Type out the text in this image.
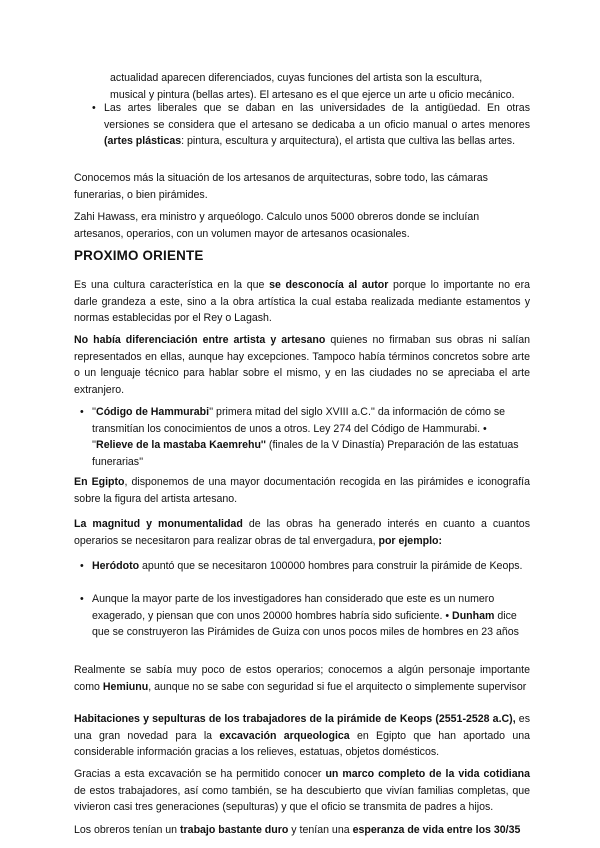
actualidad aparecen diferenciados, cuyas funciones del artista son la escultura,
musical y pintura (bellas artes). El artesano es el que ejerce un arte u oficio mecánico.

• Las artes liberales que se daban en las universidades de la antigüedad. En otras versiones se considera que el artesano se dedicaba a un oficio manual o artes menores (artes plásticas: pintura, escultura y arquitectura), el artista que cultiva las bellas artes.

Conocemos más la situación de los artesanos de arquitecturas, sobre todo, las cámaras funerarias, o bien pirámides.

Zahi Hawass, era ministro y arqueólogo. Calculo unos 5000 obreros donde se incluían artesanos, operarios, con un volumen mayor de artesanos ocasionales.

PROXIMO ORIENTE

Es una cultura característica en la que se desconocía al autor porque lo importante no era darle grandeza a este, sino a la obra artística la cual estaba realizada mediante estamentos y normas establecidas por el Rey o Lagash.

No había diferenciación entre artista y artesano quienes no firmaban sus obras ni salían representados en ellas, aunque hay excepciones. Tampoco había términos concretos sobre arte o un lenguaje técnico para hablar sobre el mismo, y en las ciudades no se apreciaba el arte extranjero.

• ''Código de Hammurabi'' primera mitad del siglo XVIII a.C.'' da información de cómo se transmitían los conocimientos de unos a otros. Ley 274 del Código de Hammurabi. • ''Relieve de la mastaba Kaemrehu'' (finales de la V Dinastía) Preparación de las estatuas funerarias''

En Egipto, disponemos de una mayor documentación recogida en las pirámides e iconografía sobre la figura del artista artesano.

La magnitud y monumentalidad de las obras ha generado interés en cuanto a cuantos operarios se necesitaron para realizar obras de tal envergadura, por ejemplo:

• Heródoto apuntó que se necesitaron 100000 hombres para construir la pirámide de Keops.

• Aunque la mayor parte de los investigadores han considerado que este es un numero exagerado, y piensan que con unos 20000 hombres habría sido suficiente. • Dunham dice que se construyeron las Pirámides de Guiza con unos pocos miles de hombres en 23 años

Realmente se sabía muy poco de estos operarios; conocemos a algún personaje importante como Hemiunu, aunque no se sabe con seguridad si fue el arquitecto o simplemente supervisor

Habitaciones y sepulturas de los trabajadores de la pirámide de Keops (2551-2528 a.C), es una gran novedad para la excavación arqueologica en Egipto que han aportado una considerable información gracias a los relieves, estatuas, objetos domésticos.

Gracias a esta excavación se ha permitido conocer un marco completo de la vida cotidiana de estos trabajadores, así como también, se ha descubierto que vivían familias completas, que vivieron casi tres generaciones (sepulturas) y que el oficio se transmita de padres a hijos.

Los obreros tenían un trabajo bastante duro y tenían una esperanza de vida entre los 30/35
